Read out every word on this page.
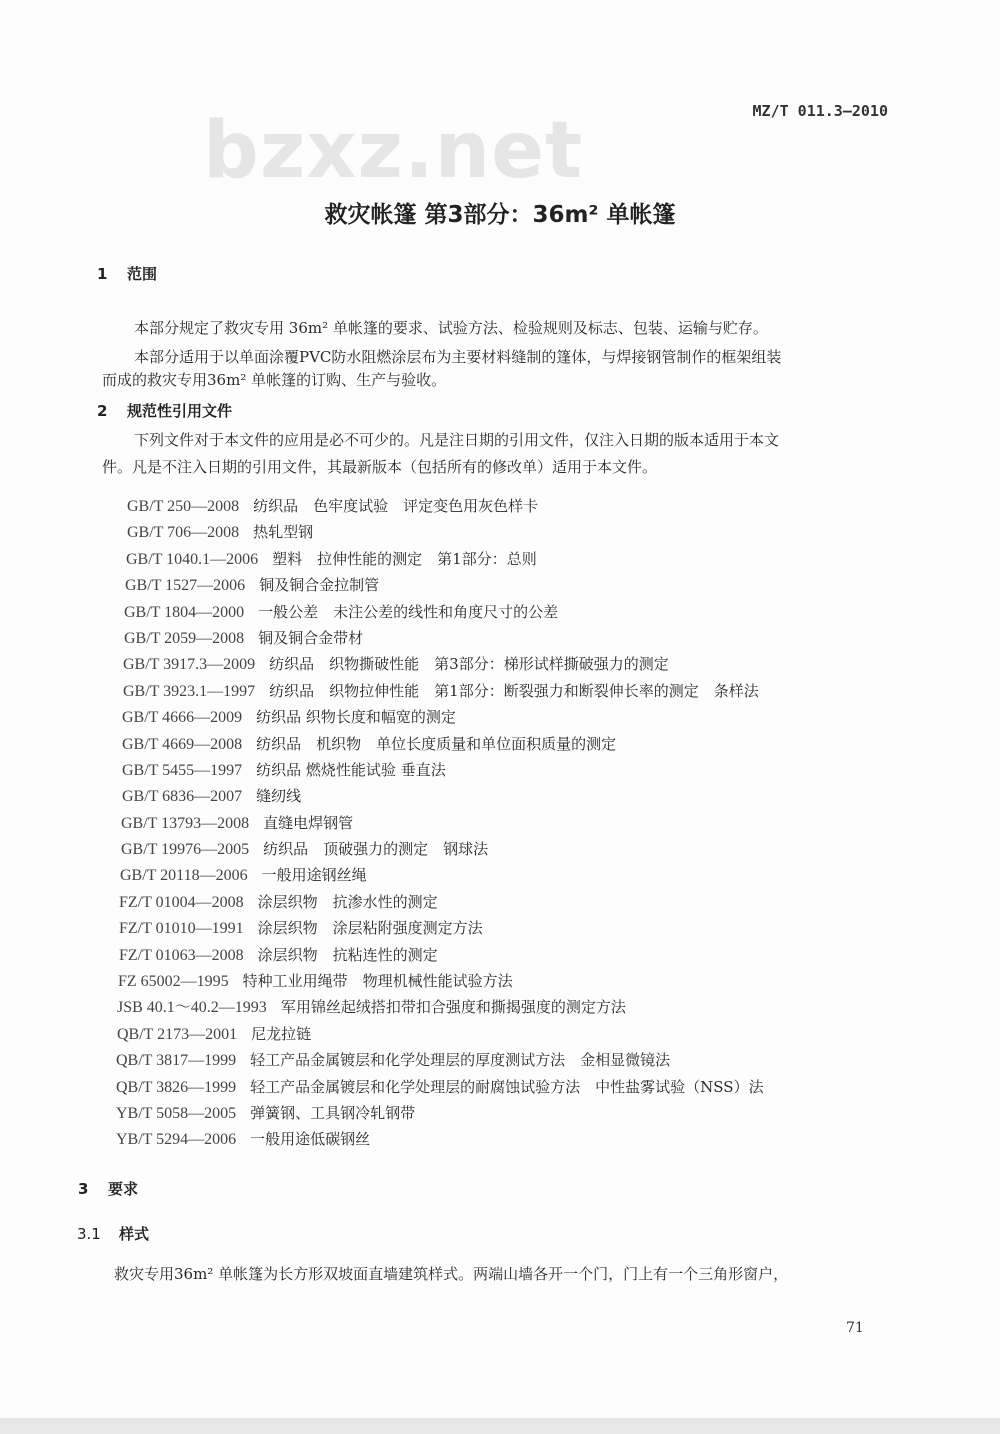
bzxz.net	MZ/T 011.3—2010
救灾帐篷 第3部分：36m² 单帐篷
1 范围
本部分规定了救灾专用 36m² 单帐篷的要求、试验方法、检验规则及标志、包装、运输与贮存。
本部分适用于以单面涂覆PVC防水阻燃涂层布为主要材料缝制的篷体，与焊接钢管制作的框架组装
而成的救灾专用36m² 单帐篷的订购、生产与验收。
2 规范性引用文件
下列文件对于本文件的应用是必不可少的。凡是注日期的引用文件，仅注入日期的版本适用于本文
件。凡是不注入日期的引用文件，其最新版本（包括所有的修改单）适用于本文件。
GB/T 250—2008 纺织品　色牢度试验　评定变色用灰色样卡
GB/T 706—2008 热轧型钢
GB/T 1040.1—2006 塑料　拉伸性能的测定　第1部分：总则
GB/T 1527—2006 铜及铜合金拉制管
GB/T 1804—2000 一般公差　未注公差的线性和角度尺寸的公差
GB/T 2059—2008 铜及铜合金带材
GB/T 3917.3—2009 纺织品　织物撕破性能　第3部分：梯形试样撕破强力的测定
GB/T 3923.1—1997 纺织品　织物拉伸性能　第1部分：断裂强力和断裂伸长率的测定　条样法
GB/T 4666—2009 纺织品 织物长度和幅宽的测定
GB/T 4669—2008 纺织品　机织物　单位长度质量和单位面积质量的测定
GB/T 5455—1997 纺织品 燃烧性能试验 垂直法
GB/T 6836—2007 缝纫线
GB/T 13793—2008 直缝电焊钢管
GB/T 19976—2005 纺织品　顶破强力的测定　钢球法
GB/T 20118—2006 一般用途钢丝绳
FZ/T 01004—2008 涂层织物　抗渗水性的测定
FZ/T 01010—1991 涂层织物　涂层粘附强度测定方法
FZ/T 01063—2008 涂层织物　抗粘连性的测定
FZ 65002—1995 特种工业用绳带　物理机械性能试验方法
JSB 40.1～40.2—1993 军用锦丝起绒搭扣带扣合强度和撕揭强度的测定方法
QB/T 2173—2001 尼龙拉链
QB/T 3817—1999 轻工产品金属镀层和化学处理层的厚度测试方法　金相显微镜法
QB/T 3826—1999 轻工产品金属镀层和化学处理层的耐腐蚀试验方法　中性盐雾试验（NSS）法
YB/T 5058—2005 弹簧钢、工具钢冷轧钢带
YB/T 5294—2006 一般用途低碳钢丝
3 要求
3.1 样式
救灾专用36m² 单帐篷为长方形双坡面直墙建筑样式。两端山墙各开一个门，门上有一个三角形窗户，
71
